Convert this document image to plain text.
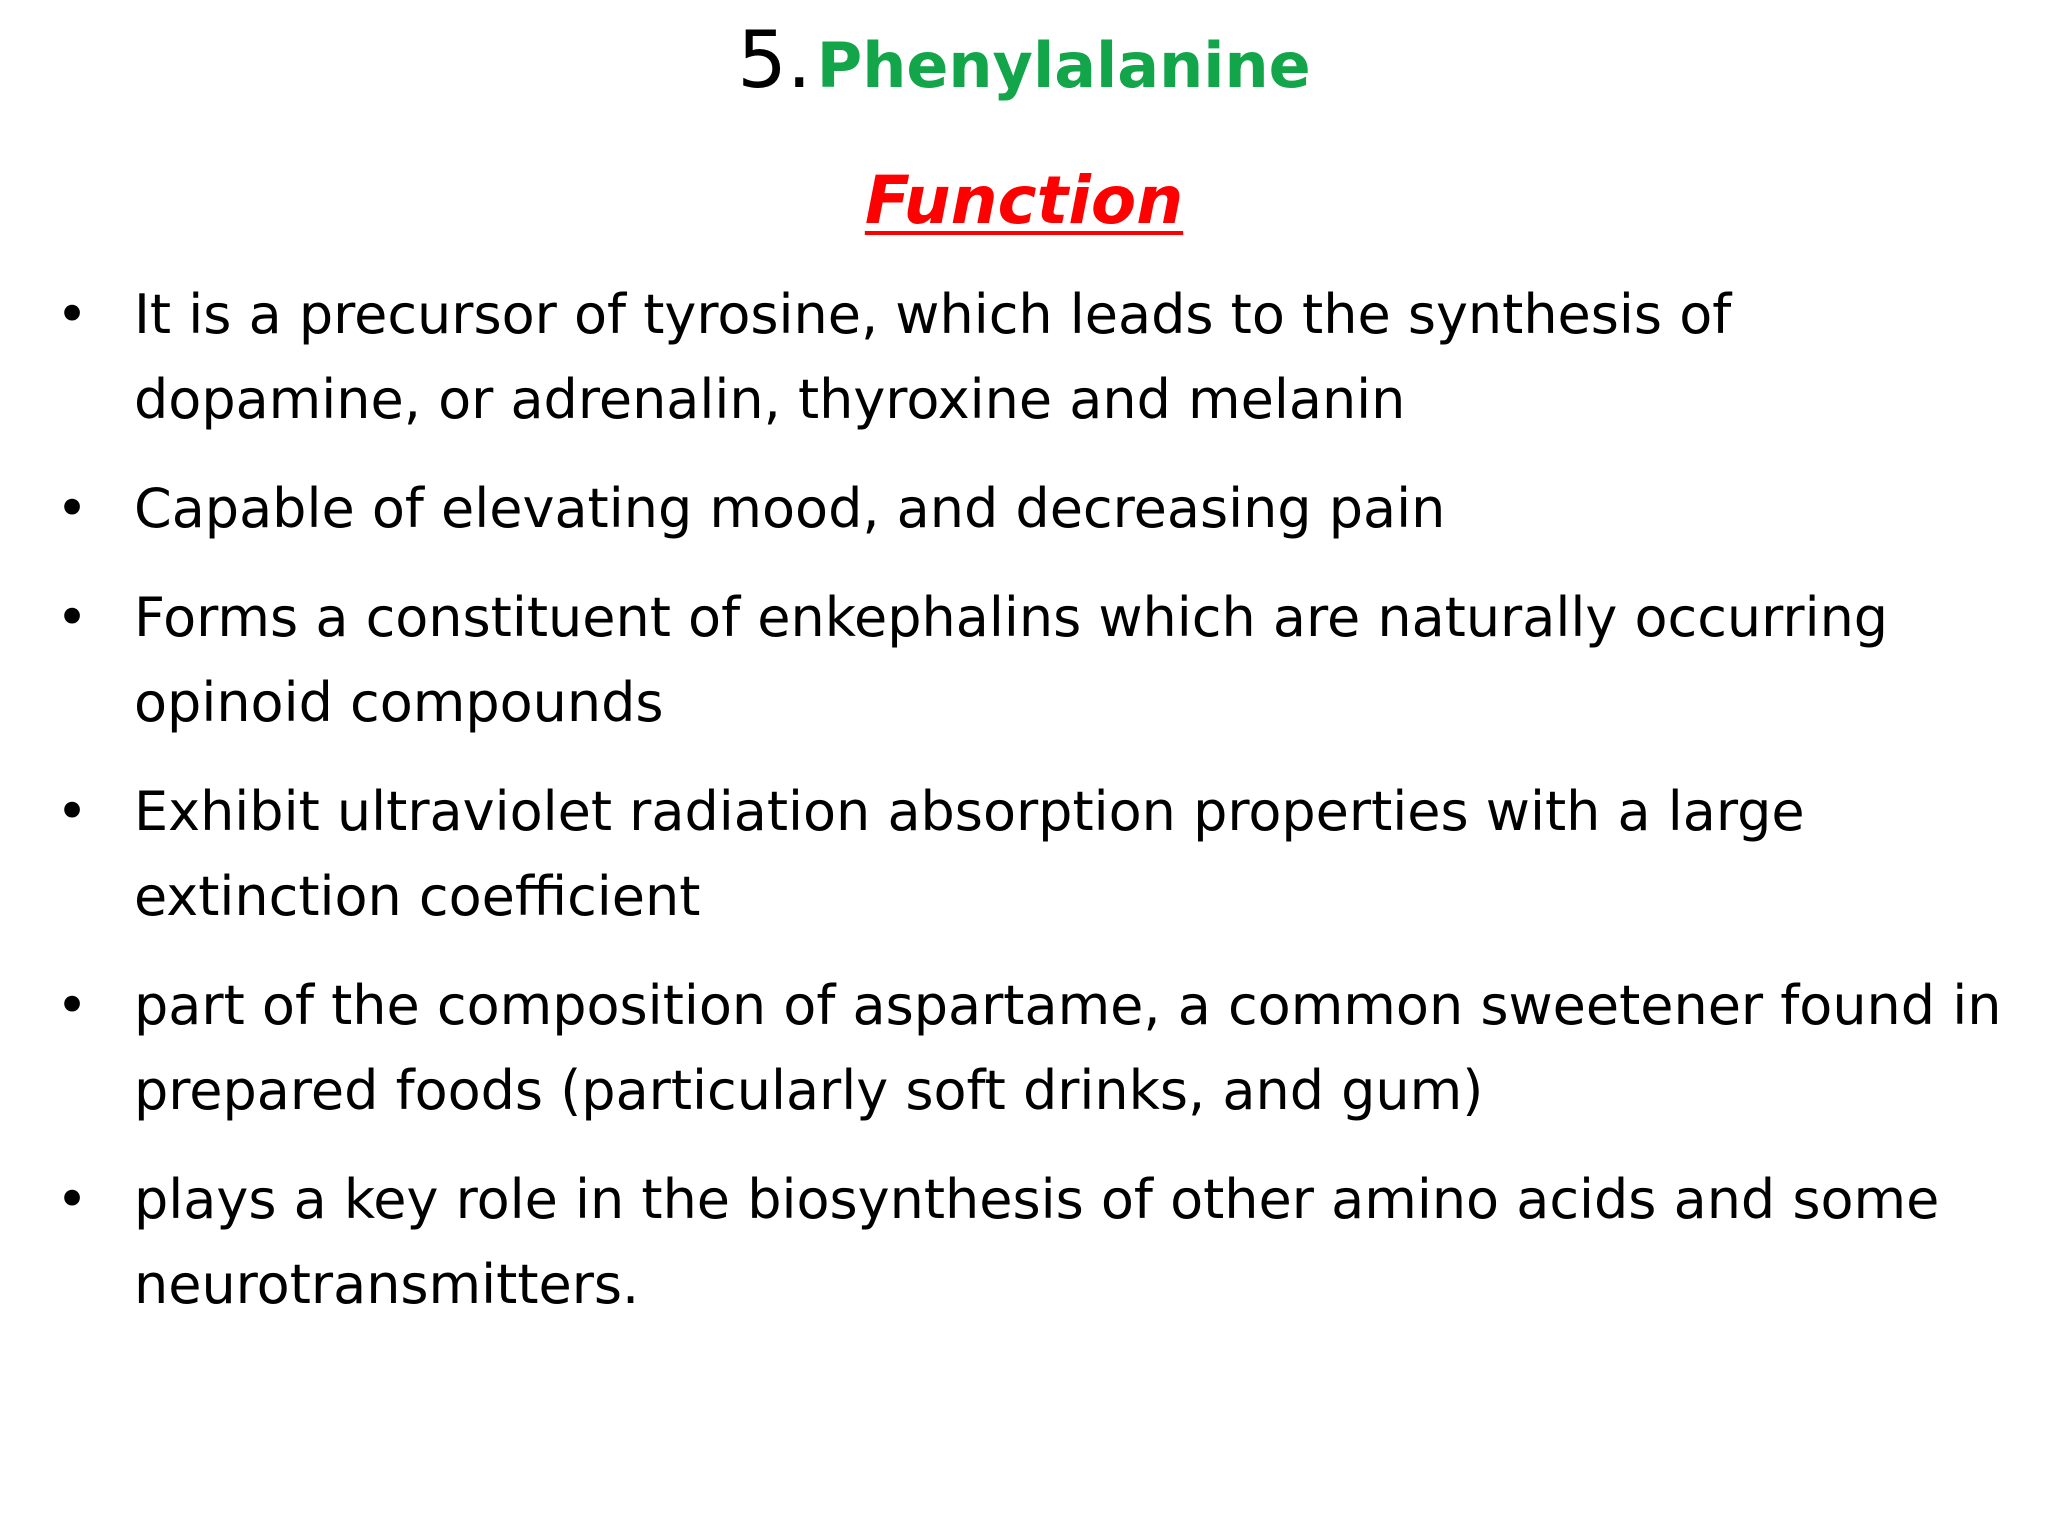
5. Phenylalanine
Function
• It is a precursor of tyrosine, which leads to the synthesis of dopamine, or adrenalin, thyroxine and melanin
• Capable of elevating mood, and decreasing pain
• Forms a constituent of enkephalins which are naturally occurring opinoid compounds
• Exhibit ultraviolet radiation absorption properties with a large extinction coefficient
• part of the composition of aspartame, a common sweetener found in prepared foods (particularly soft drinks, and gum)
• plays a key role in the biosynthesis of other amino acids and some neurotransmitters.
